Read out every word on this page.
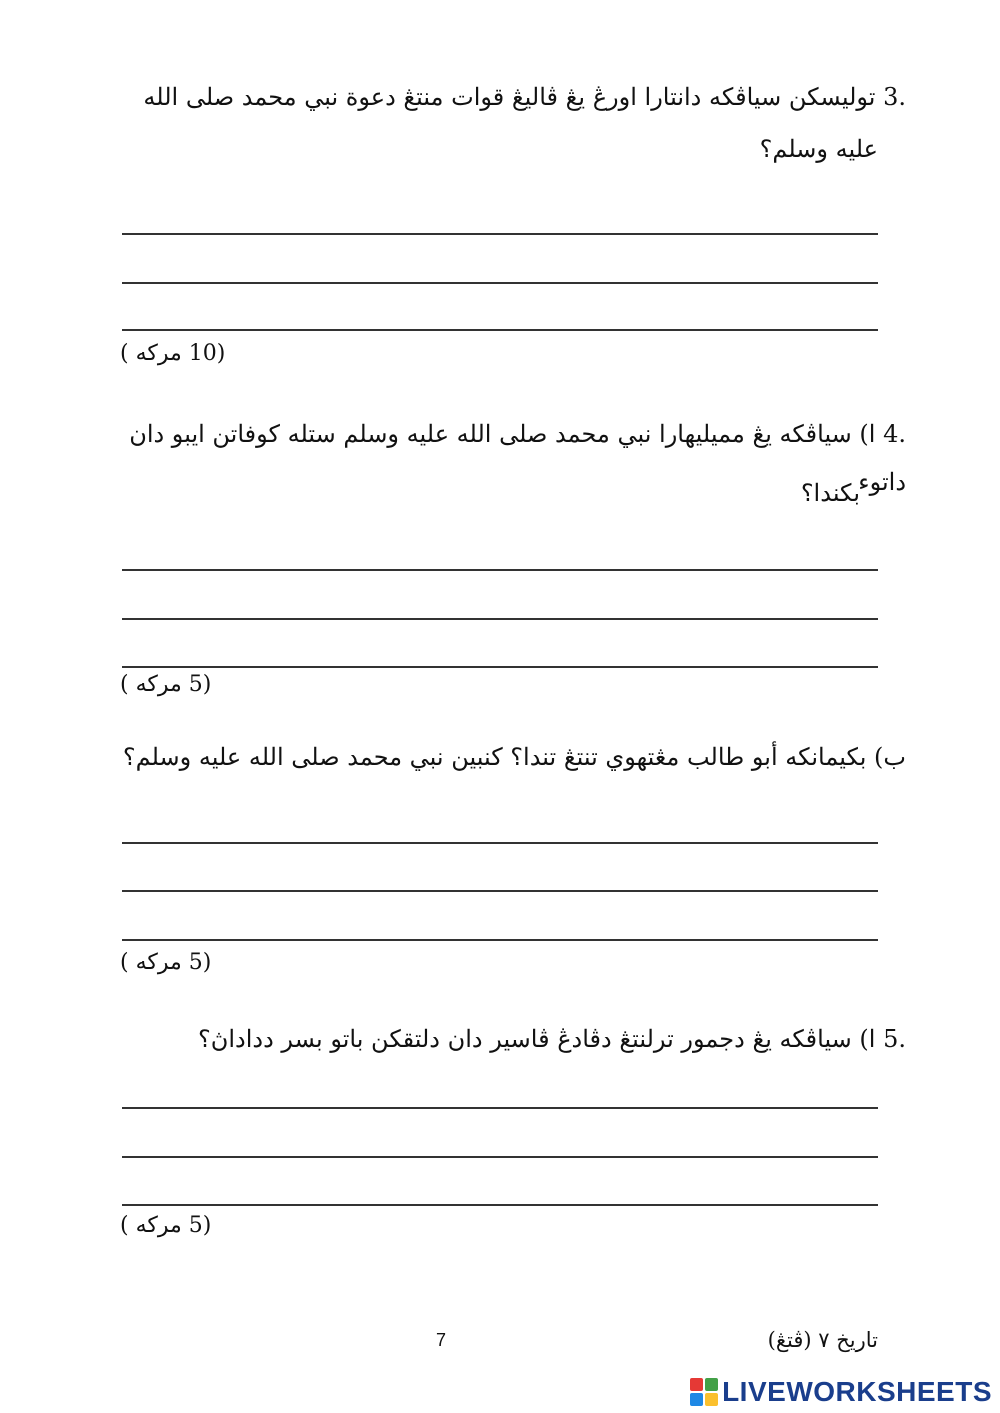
3. توليسکن سياڤكه دانتارا اورڠ يڠ ڤاليڠ قوات منتڠ دعوة نبي محمد صلى الله
عليه وسلم؟
(10 مرکه )
4. ا) سياڤكه يڠ مميليهارا نبي محمد صلى الله عليه وسلم ستله كوفاتن ايبو دان داتوء
بكندا؟
(5 مرکه )
ب) بكيمانکه أبو طالب مڠتهوي تنتڠ تندا؟ كنبين نبي محمد صلى الله عليه وسلم؟
(5 مرکه )
5. ا) سياڤكه يڠ دجمور ترلنتڠ دڤادڠ ڤاسير دان دلتقكن باتو بسر دداداڽ؟
(5 مرکه )
7	تاريخ ٧ (ڤتڠ)
LIVEWORKSHEETS
